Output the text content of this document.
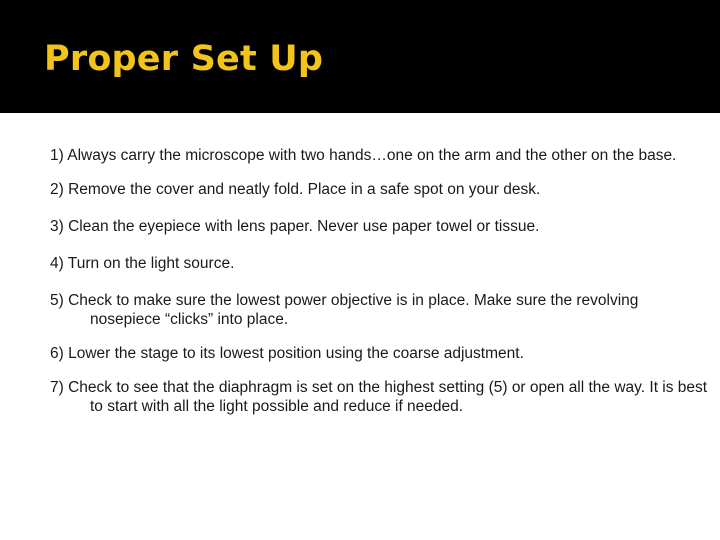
Proper Set Up
1) Always carry the microscope with two hands…one on the arm and the other on the base.
2) Remove the cover and neatly fold. Place in a safe spot on your desk.
3) Clean the eyepiece with lens paper. Never use paper towel or tissue.
4) Turn on the light source.
5) Check to make sure the lowest power objective is in place. Make sure the revolving nosepiece “clicks” into place.
6) Lower the stage to its lowest position using the coarse adjustment.
7) Check to see that the diaphragm is set on the highest setting (5) or open all the way. It is best to start with all the light possible and reduce if needed.
